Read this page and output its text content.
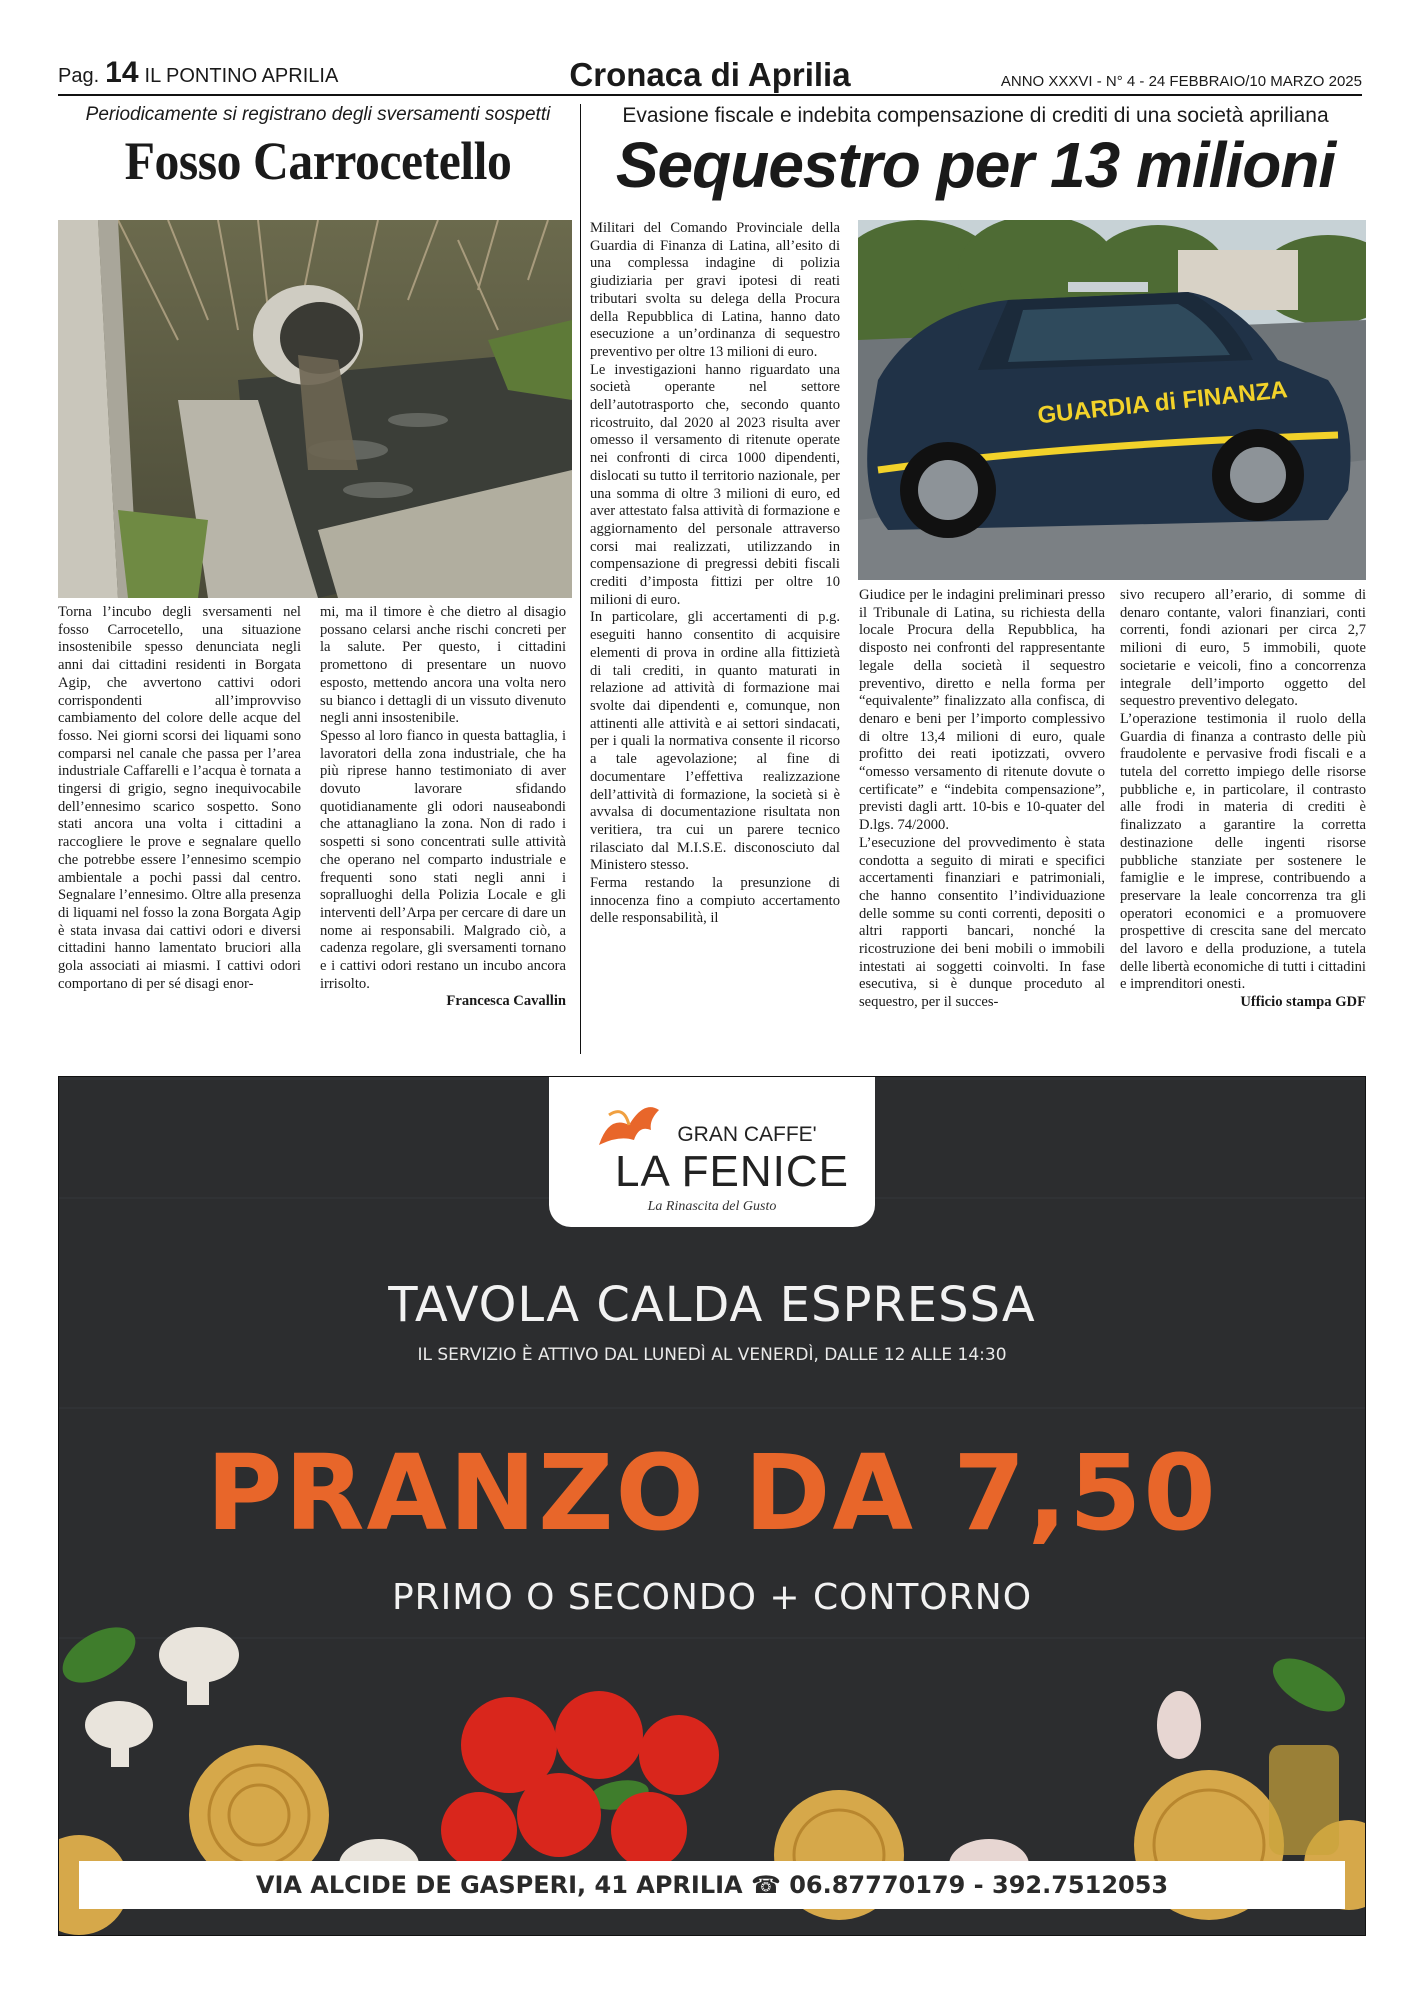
Pag. 14 IL PONTINO APRILIA	Cronaca di Aprilia	ANNO XXXVI - N° 4 - 24 FEBBRAIO/10 MARZO 2025
Periodicamente si registrano degli sversamenti sospetti
Fosso Carrocetello

Torna l’incubo degli sversamenti nel fosso Carrocetello, una situazione insostenibile spesso denunciata negli anni dai cittadini residenti in Borgata Agip, che avvertono cattivi odori corrispondenti all’improvviso cambiamento del colore delle acque del fosso. Nei giorni scorsi dei liquami sono comparsi nel canale che passa per l’area industriale Caffarelli e l’acqua è tornata a tingersi di grigio, segno inequivocabile dell’ennesimo scarico sospetto. Sono stati ancora una volta i cittadini a raccogliere le prove e segnalare quello che potrebbe essere l’ennesimo scempio ambientale a pochi passi dal centro. Segnalare l’ennesimo. Oltre alla presenza di liquami nel fosso la zona Borgata Agip è stata invasa dai cattivi odori e diversi cittadini hanno lamentato bruciori alla gola associati ai miasmi. I cattivi odori comportano di per sé disagi enor-

mi, ma il timore è che dietro al disagio possano celarsi anche rischi concreti per la salute. Per questo, i cittadini promettono di presentare un nuovo esposto, mettendo ancora una volta nero su bianco i dettagli di un vissuto divenuto negli anni insostenibile.

Spesso al loro fianco in questa battaglia, i lavoratori della zona industriale, che ha più riprese hanno testimoniato di aver dovuto lavorare sfidando quotidianamente gli odori nauseabondi che attanagliano la zona. Non di rado i sospetti si sono concentrati sulle attività che operano nel comparto industriale e frequenti sono stati negli anni i sopralluoghi della Polizia Locale e gli interventi dell’Arpa per cercare di dare un nome ai responsabili. Malgrado ciò, a cadenza regolare, gli sversamenti tornano e i cattivi odori restano un incubo ancora irrisolto.

Francesca Cavallin

Evasione fiscale e indebita compensazione di crediti di una società apriliana
Sequestro per 13 milioni

Militari del Comando Provinciale della Guardia di Finanza di Latina, all’esito di una complessa indagine di polizia giudiziaria per gravi ipotesi di reati tributari svolta su delega della Procura della Repubblica di Latina, hanno dato esecuzione a un’ordinanza di sequestro preventivo per oltre 13 milioni di euro.

Le investigazioni hanno riguardato una società operante nel settore dell’autotrasporto che, secondo quanto ricostruito, dal 2020 al 2023 risulta aver omesso il versamento di ritenute operate nei confronti di circa 1000 dipendenti, dislocati su tutto il territorio nazionale, per una somma di oltre 3 milioni di euro, ed aver attestato falsa attività di formazione e aggiornamento del personale attraverso corsi mai realizzati, utilizzando in compensazione di pregressi debiti fiscali crediti d’imposta fittizi per oltre 10 milioni di euro.

In particolare, gli accertamenti di p.g. eseguiti hanno consentito di acquisire elementi di prova in ordine alla fittizietà di tali crediti, in quanto maturati in relazione ad attività di formazione mai svolte dai dipendenti e, comunque, non attinenti alle attività e ai settori sindacati, per i quali la normativa consente il ricorso a tale agevolazione; al fine di documentare l’effettiva realizzazione dell’attività di formazione, la società si è avvalsa di documentazione risultata non veritiera, tra cui un parere tecnico rilasciato dal M.I.S.E. disconosciuto dal Ministero stesso.

Ferma restando la presunzione di innocenza fino a compiuto accertamento delle responsabilità, il

GUARDIA di FINANZA

Giudice per le indagini preliminari presso il Tribunale di Latina, su richiesta della locale Procura della Repubblica, ha disposto nei confronti del rappresentante legale della società il sequestro preventivo, diretto e nella forma per “equivalente” finalizzato alla confisca, di denaro e beni per l’importo complessivo di oltre 13,4 milioni di euro, quale profitto dei reati ipotizzati, ovvero “omesso versamento di ritenute dovute o certificate” e “indebita compensazione”, previsti dagli artt. 10-bis e 10-quater del D.lgs. 74/2000.

L’esecuzione del provvedimento è stata condotta a seguito di mirati e specifici accertamenti finanziari e patrimoniali, che hanno consentito l’individuazione delle somme su conti correnti, depositi o altri rapporti bancari, nonché la ricostruzione dei beni mobili o immobili intestati ai soggetti coinvolti. In fase esecutiva, si è dunque proceduto al sequestro, per il succes-

sivo recupero all’erario, di somme di denaro contante, valori finanziari, conti correnti, fondi azionari per circa 2,7 milioni di euro, 5 immobili, quote societarie e veicoli, fino a concorrenza integrale dell’importo oggetto del sequestro preventivo delegato.

L’operazione testimonia il ruolo della Guardia di finanza a contrasto delle più fraudolente e pervasive frodi fiscali e a tutela del corretto impiego delle risorse pubbliche e, in particolare, il contrasto alle frodi in materia di crediti è finalizzato a garantire la corretta destinazione delle ingenti risorse pubbliche stanziate per sostenere le famiglie e le imprese, contribuendo a preservare la leale concorrenza tra gli operatori economici e a promuovere prospettive di crescita sane del mercato del lavoro e della produzione, a tutela delle libertà economiche di tutti i cittadini e imprenditori onesti.

Ufficio stampa GDF

GRAN CAFFE'
LA FENICE
La Rinascita del Gusto
TAVOLA CALDA ESPRESSA
IL SERVIZIO È ATTIVO DAL LUNEDÌ AL VENERDÌ, DALLE 12 ALLE 14:30
PRANZO DA 7,50
PRIMO O SECONDO + CONTORNO
VIA ALCIDE DE GASPERI, 41 APRILIA ☎ 06.87770179 - 392.7512053
